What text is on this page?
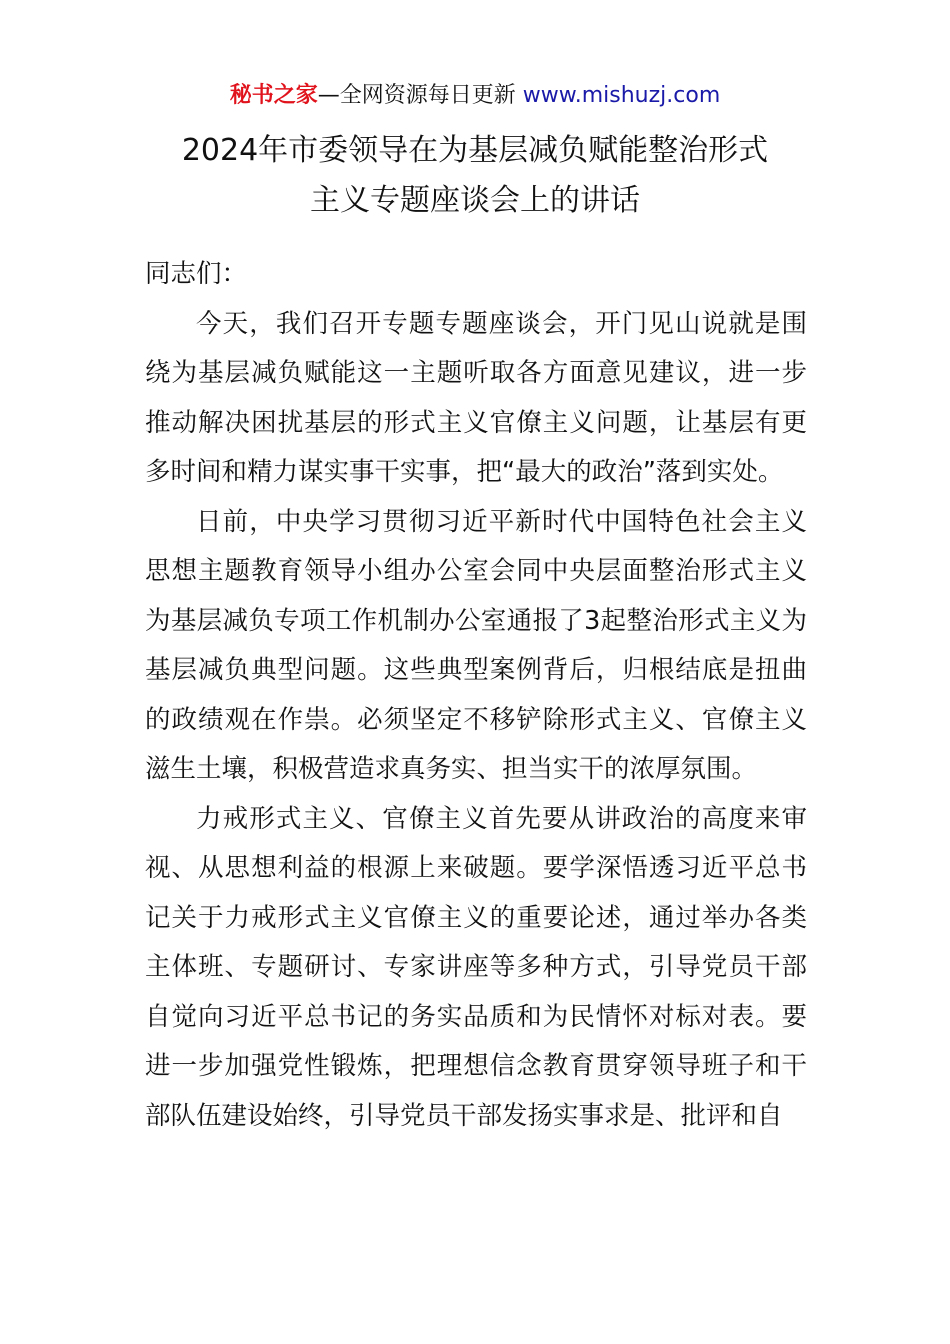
秘书之家—全网资源每日更新 www.mishuzj.com
2024年市委领导在为基层减负赋能整治形式
主义专题座谈会上的讲话

同志们：

今天，我们召开专题专题座谈会，开门见山说就是围绕为基层减负赋能这一主题听取各方面意见建议，进一步推动解决困扰基层的形式主义官僚主义问题，让基层有更多时间和精力谋实事干实事，把“最大的政治”落到实处。

日前，中央学习贯彻习近平新时代中国特色社会主义思想主题教育领导小组办公室会同中央层面整治形式主义为基层减负专项工作机制办公室通报了3起整治形式主义为基层减负典型问题。这些典型案例背后，归根结底是扭曲的政绩观在作祟。必须坚定不移铲除形式主义、官僚主义滋生土壤，积极营造求真务实、担当实干的浓厚氛围。

力戒形式主义、官僚主义首先要从讲政治的高度来审视、从思想利益的根源上来破题。要学深悟透习近平总书记关于力戒形式主义官僚主义的重要论述，通过举办各类主体班、专题研讨、专家讲座等多种方式，引导党员干部自觉向习近平总书记的务实品质和为民情怀对标对表。要进一步加强党性锻炼，把理想信念教育贯穿领导班子和干部队伍建设始终，引导党员干部发扬实事求是、批评和自
